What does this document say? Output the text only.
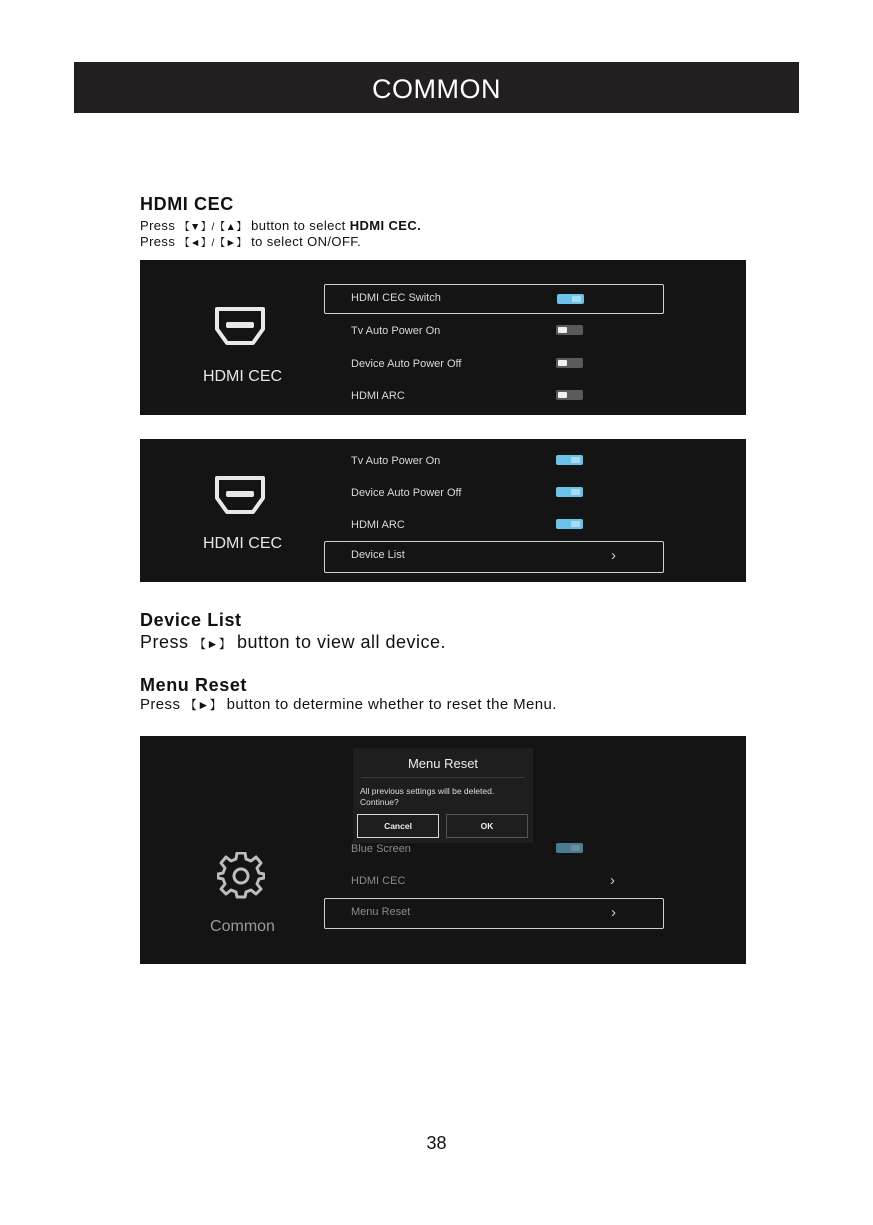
COMMON
HDMI CEC
Press 【▼】/【▲】 button to select HDMI CEC.
Press 【◄】/【►】 to select ON/OFF.
HDMI CEC
HDMI CEC Switch
Tv Auto Power On
Device Auto Power Off
HDMI ARC
HDMI CEC
Tv Auto Power On
Device Auto Power Off
HDMI ARC
Device List	›
Device List
Press 【►】 button to view all device.
Menu Reset
Press 【►】 button to determine whether to reset the Menu.
Common
Menu Reset
All previous settings will be deleted.
Continue?
Cancel	OK
Blue Screen
HDMI CEC	›
Menu Reset	›
38
